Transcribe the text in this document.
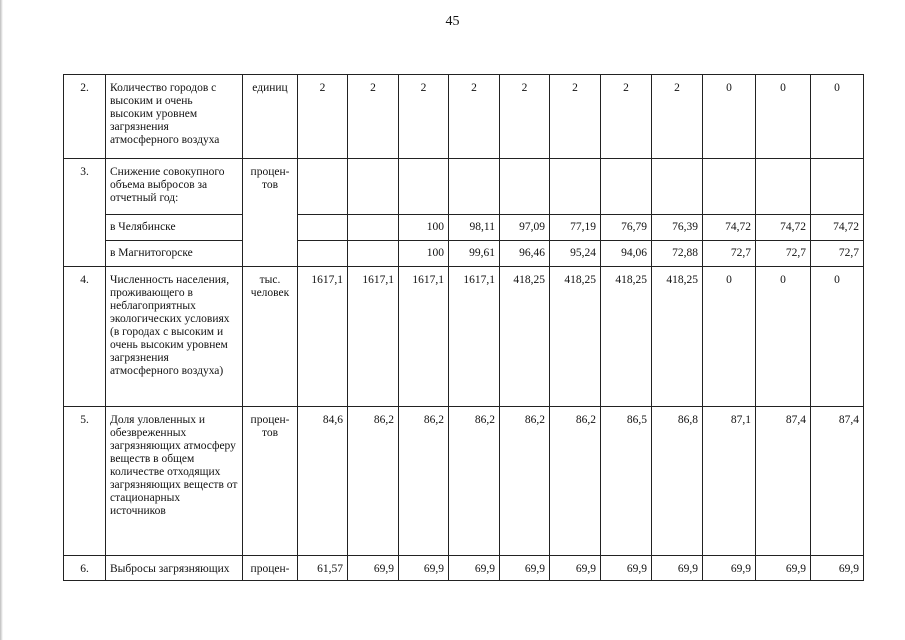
45
2.	Количество городов с высоким и очень высоким уровнем загрязнения атмосферного воздуха	единиц	2	2	2	2	2	2	2	2	0	0	0
3.	Снижение совокупного объема выбросов за отчетный год:	процен-тов											
	в Челябинске				100	98,11	97,09	77,19	76,79	76,39	74,72	74,72	74,72
	в Магнитогорске				100	99,61	96,46	95,24	94,06	72,88	72,7	72,7	72,7
4.	Численность населения, проживающего в неблагоприятных экологических условиях (в городах с высоким и очень высоким уровнем загрязнения атмосферного воздуха)	тыс. человек	1617,1	1617,1	1617,1	1617,1	418,25	418,25	418,25	418,25	0	0	0
5.	Доля уловленных и обезвреженных загрязняющих атмосферу веществ в общем количестве отходящих загрязняющих веществ от стационарных источников	процен-тов	84,6	86,2	86,2	86,2	86,2	86,2	86,5	86,8	87,1	87,4	87,4
6.	Выбросы загрязняющих	процен-	61,57	69,9	69,9	69,9	69,9	69,9	69,9	69,9	69,9	69,9	69,9
